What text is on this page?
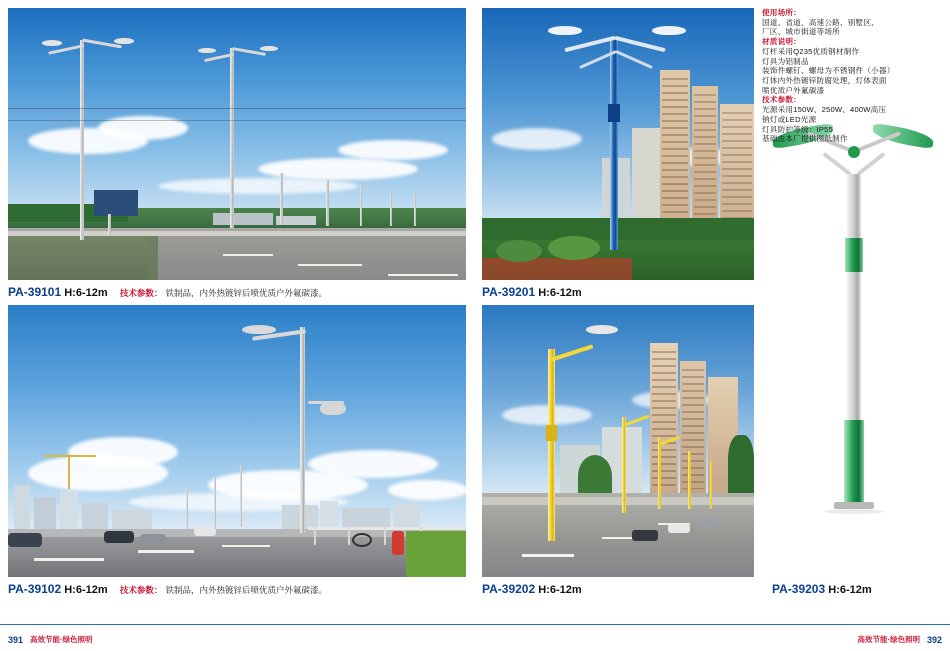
PA-39101 H:6-12m 技术参数： 铁制品，内外热镀锌后喷优质户外氟碳漆。
PA-39102 H:6-12m 技术参数： 铁制品，内外热镀锌后喷优质户外氟碳漆。
PA-39201 H:6-12m
PA-39202 H:6-12m	PA-39203 H:6-12m
使用场所：
国道、省道、高速公路、别墅区、
厂区、城市街道等场所
材质说明：
灯杆采用Q235优质钢材制作
灯具为铝制品
装饰件螺钉、螺母为不锈钢件（小器）
灯体内外热镀锌防腐处理，灯体表面
喷优质户外氟碳漆
技术参数：
光源采用150W、250W、400W高压
钠灯或LED光源
灯具防护等级：IP55
基础由本厂提供图纸制作
391 高效节能·绿色照明	高效节能·绿色照明 392
